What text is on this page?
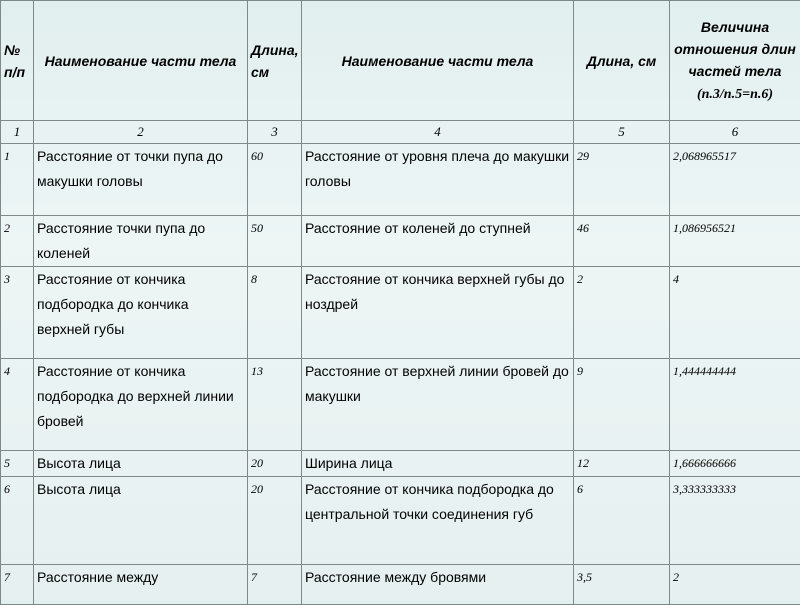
№ п/п	Наименование части тела	Длина, см	Наименование части тела	Длина, см	Величина отношения длин частей тела
(п.3/п.5=п.6)
1	2	3	4	5	6
1	Расстояние от точки пупа до макушки головы	60	Расстояние от уровня плеча до макушки головы	29	2,068965517
2	Расстояние точки пупа до коленей	50	Расстояние от коленей до ступней	46	1,086956521
3	Расстояние от кончика подбородка до кончика верхней губы	8	Расстояние от кончика верхней губы до ноздрей	2	4
4	Расстояние от кончика подбородка до верхней линии бровей	13	Расстояние от верхней линии бровей до макушки	9	1,444444444
5	Высота лица	20	Ширина лица	12	1,666666666
6	Высота лица	20	Расстояние от кончика подбородка до центральной точки соединения губ	6	3,333333333
7	Расстояние между	7	Расстояние между бровями	3,5	2
